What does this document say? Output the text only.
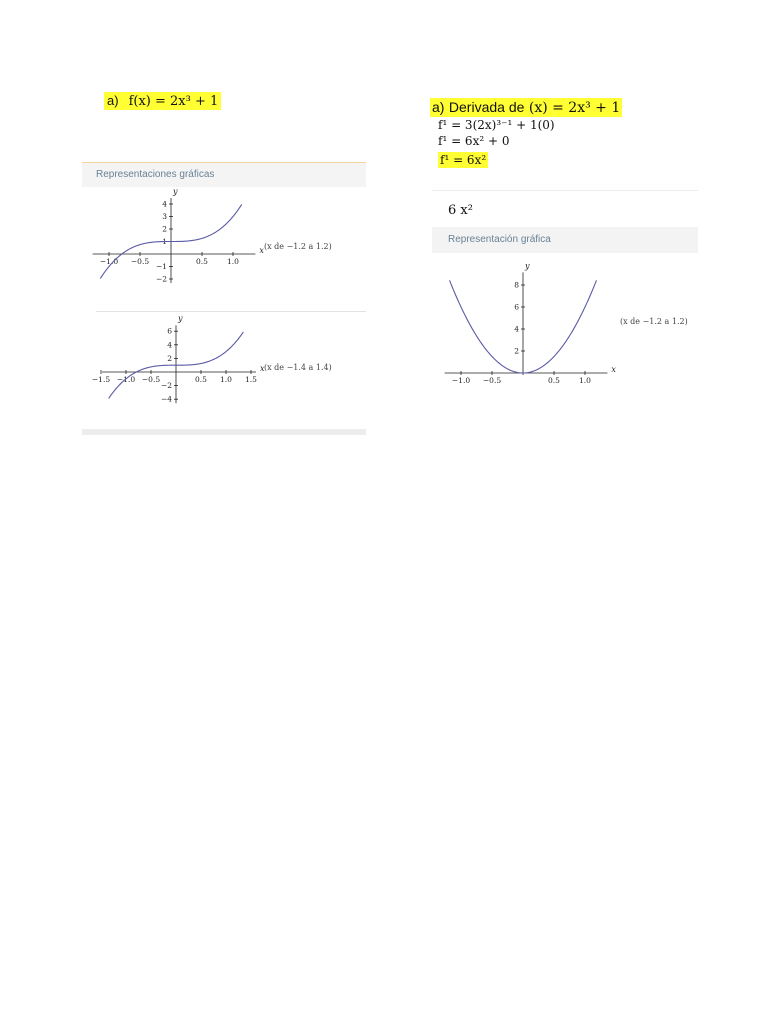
a) f(x) = 2x³ + 1	a) Derivada de (x) = 2x³ + 1
f¹ = 3(2x)³⁻¹ + 1(0)
f¹ = 6x² + 0
f¹ = 6x²
Representaciones gráficas
6 x²
Representación gráfica
x
y
−1.0 −0.5	0.5	1.0
4
3
2
1
−1
−2
(x de −1.2 a 1.2)
x
y
−1.5 −1.0 −0.5	0.5 1.0 1.5
6
4
2
−2
−4
(x de −1.4 a 1.4)	x
y
−1.0 −0.5	0.5	1.0
8
6
4
2
(x de −1.2 a 1.2)
